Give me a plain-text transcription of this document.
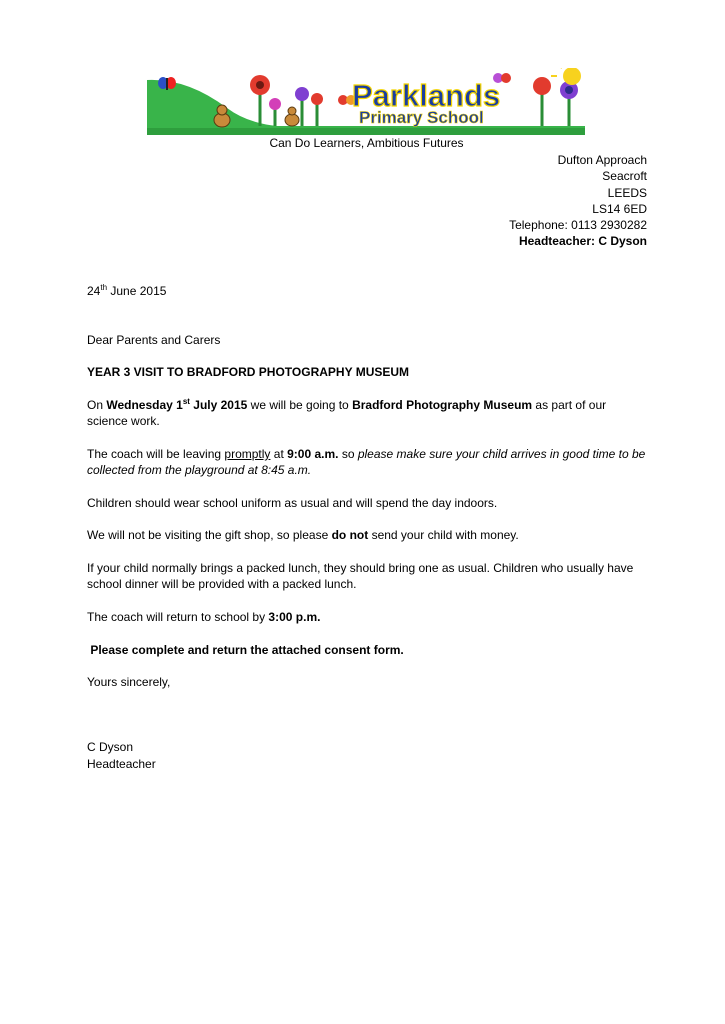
Parklands
Primary School
Can Do Learners, Ambitious Futures
Dufton Approach
Seacroft
LEEDS
LS14 6ED
Telephone: 0113 2930282
Headteacher: C Dyson

24th June 2015

Dear Parents and Carers

YEAR 3 VISIT TO BRADFORD PHOTOGRAPHY MUSEUM

On Wednesday 1st July 2015 we will be going to Bradford Photography Museum as part of our science work.

The coach will be leaving promptly at 9:00 a.m. so please make sure your child arrives in good time to be collected from the playground at 8:45 a.m.

Children should wear school uniform as usual and will spend the day indoors.

We will not be visiting the gift shop, so please do not send your child with money.

If your child normally brings a packed lunch, they should bring one as usual. Children who usually have school dinner will be provided with a packed lunch.

The coach will return to school by 3:00 p.m.

Please complete and return the attached consent form.

Yours sincerely,

C Dyson

Headteacher
